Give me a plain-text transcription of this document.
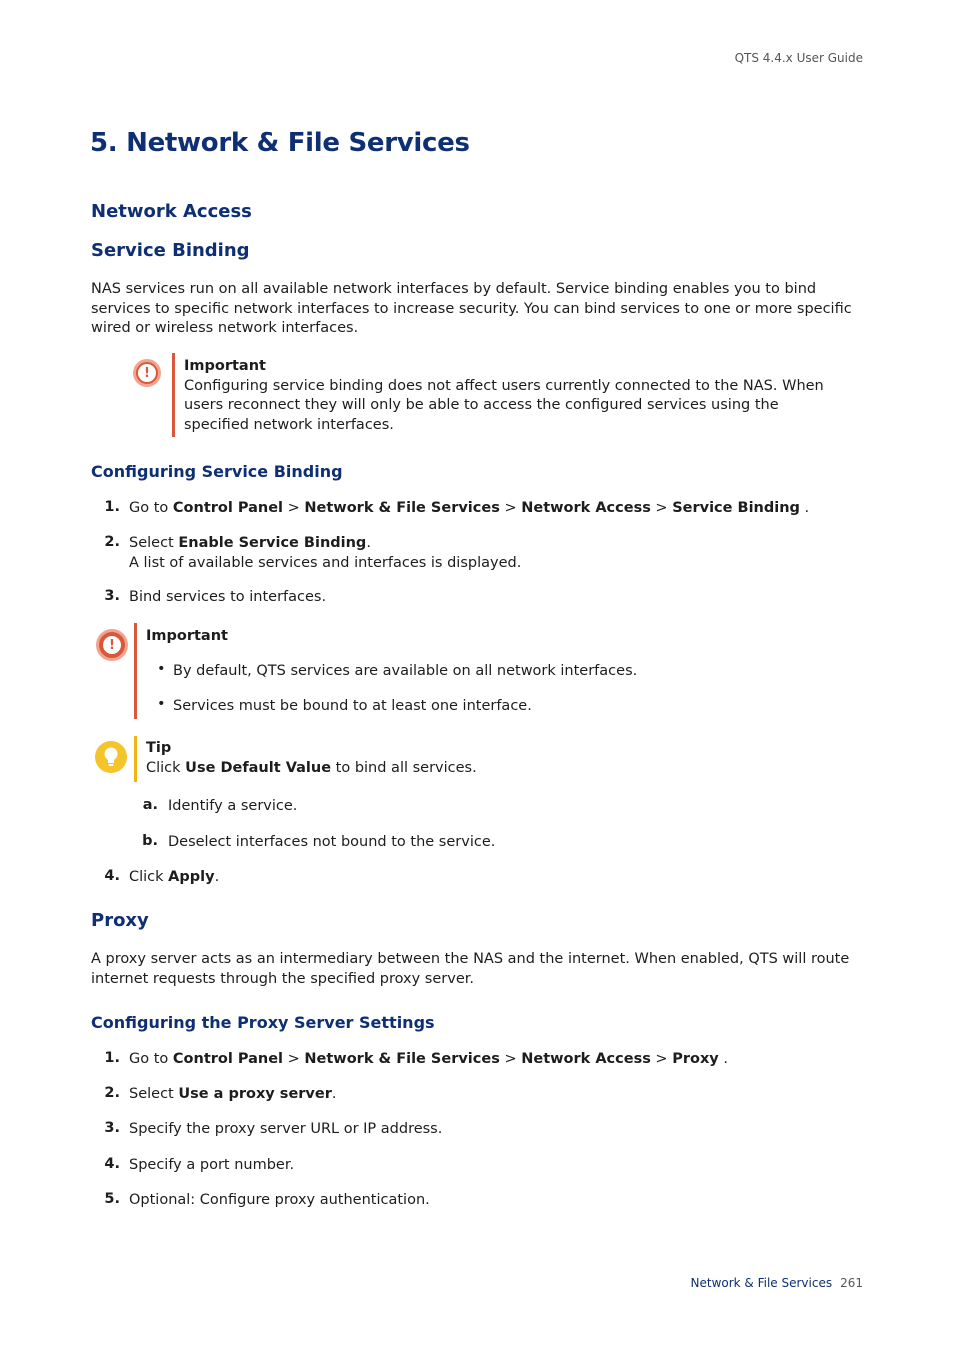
QTS 4.4.x User Guide
5. Network & File Services
Network Access
Service Binding
NAS services run on all available network interfaces by default. Service binding enables you to bind services to specific network interfaces to increase security. You can bind services to one or more specific wired or wireless network interfaces.
!	Important
Configuring service binding does not affect users currently connected to the NAS. When users reconnect they will only be able to access the configured services using the specified network interfaces.
Configuring Service Binding
1. Go to Control Panel > Network & File Services > Network Access > Service Binding .
2. Select Enable Service Binding.
A list of available services and interfaces is displayed.
3. Bind services to interfaces.
!
Important
• By default, QTS services are available on all network interfaces.
• Services must be bound to at least one interface.
Tip
Click Use Default Value to bind all services.
a. Identify a service.
b. Deselect interfaces not bound to the service.
4. Click Apply.
Proxy
A proxy server acts as an intermediary between the NAS and the internet. When enabled, QTS will route internet requests through the specified proxy server.
Configuring the Proxy Server Settings
1. Go to Control Panel > Network & File Services > Network Access > Proxy .
2. Select Use a proxy server.
3. Specify the proxy server URL or IP address.
4. Specify a port number.
5. Optional: Configure proxy authentication.
Network & File Services 261
